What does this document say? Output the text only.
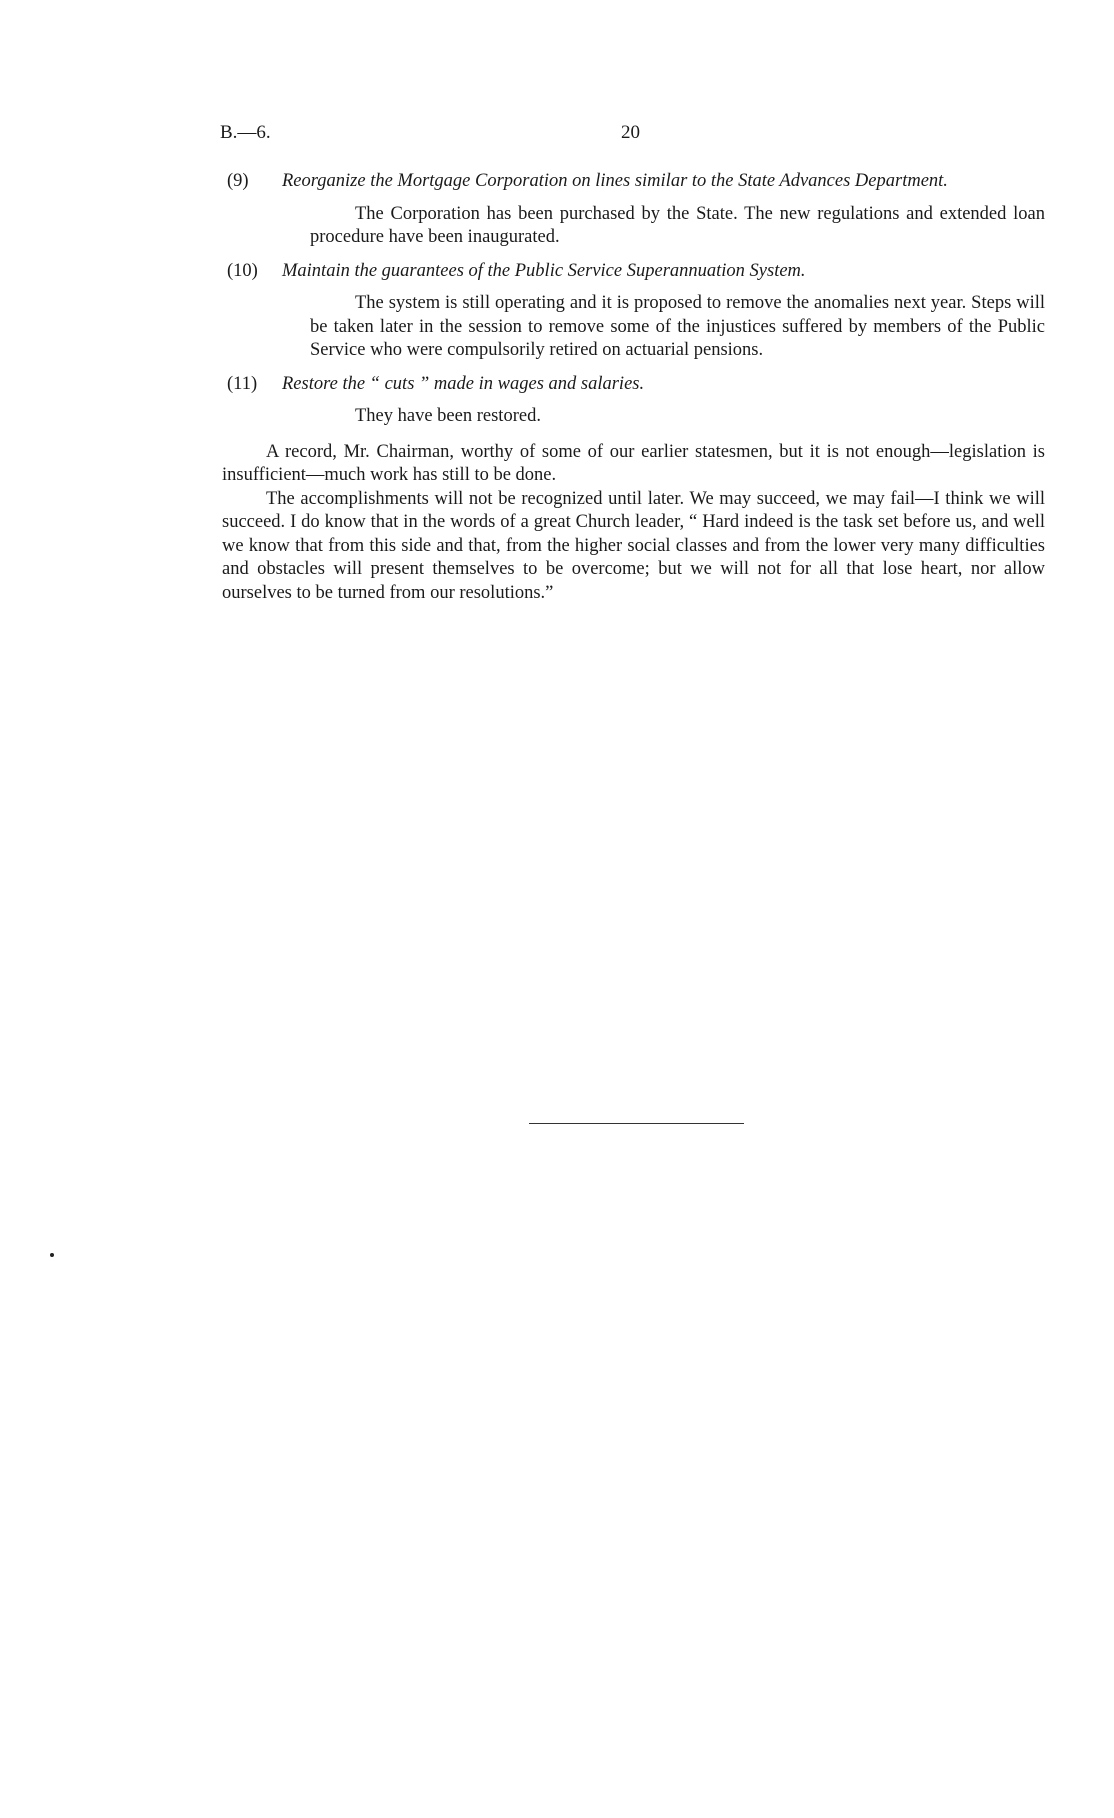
B.—6.	20

(9) Reorganize the Mortgage Corporation on lines similar to the State Advances Department.

The Corporation has been purchased by the State. The new regulations and extended loan procedure have been inaugurated.

(10) Maintain the guarantees of the Public Service Superannuation System.

The system is still operating and it is proposed to remove the anomalies next year. Steps will be taken later in the session to remove some of the injustices suffered by members of the Public Service who were compulsorily retired on actuarial pensions.

(11) Restore the “ cuts ” made in wages and salaries.

They have been restored.

A record, Mr. Chairman, worthy of some of our earlier statesmen, but it is not enough—legislation is insufficient—much work has still to be done.

The accomplishments will not be recognized until later. We may succeed, we may fail—I think we will succeed. I do know that in the words of a great Church leader, “ Hard indeed is the task set before us, and well we know that from this side and that, from the higher social classes and from the lower very many difficulties and obstacles will present themselves to be overcome; but we will not for all that lose heart, nor allow ourselves to be turned from our resolutions.”
